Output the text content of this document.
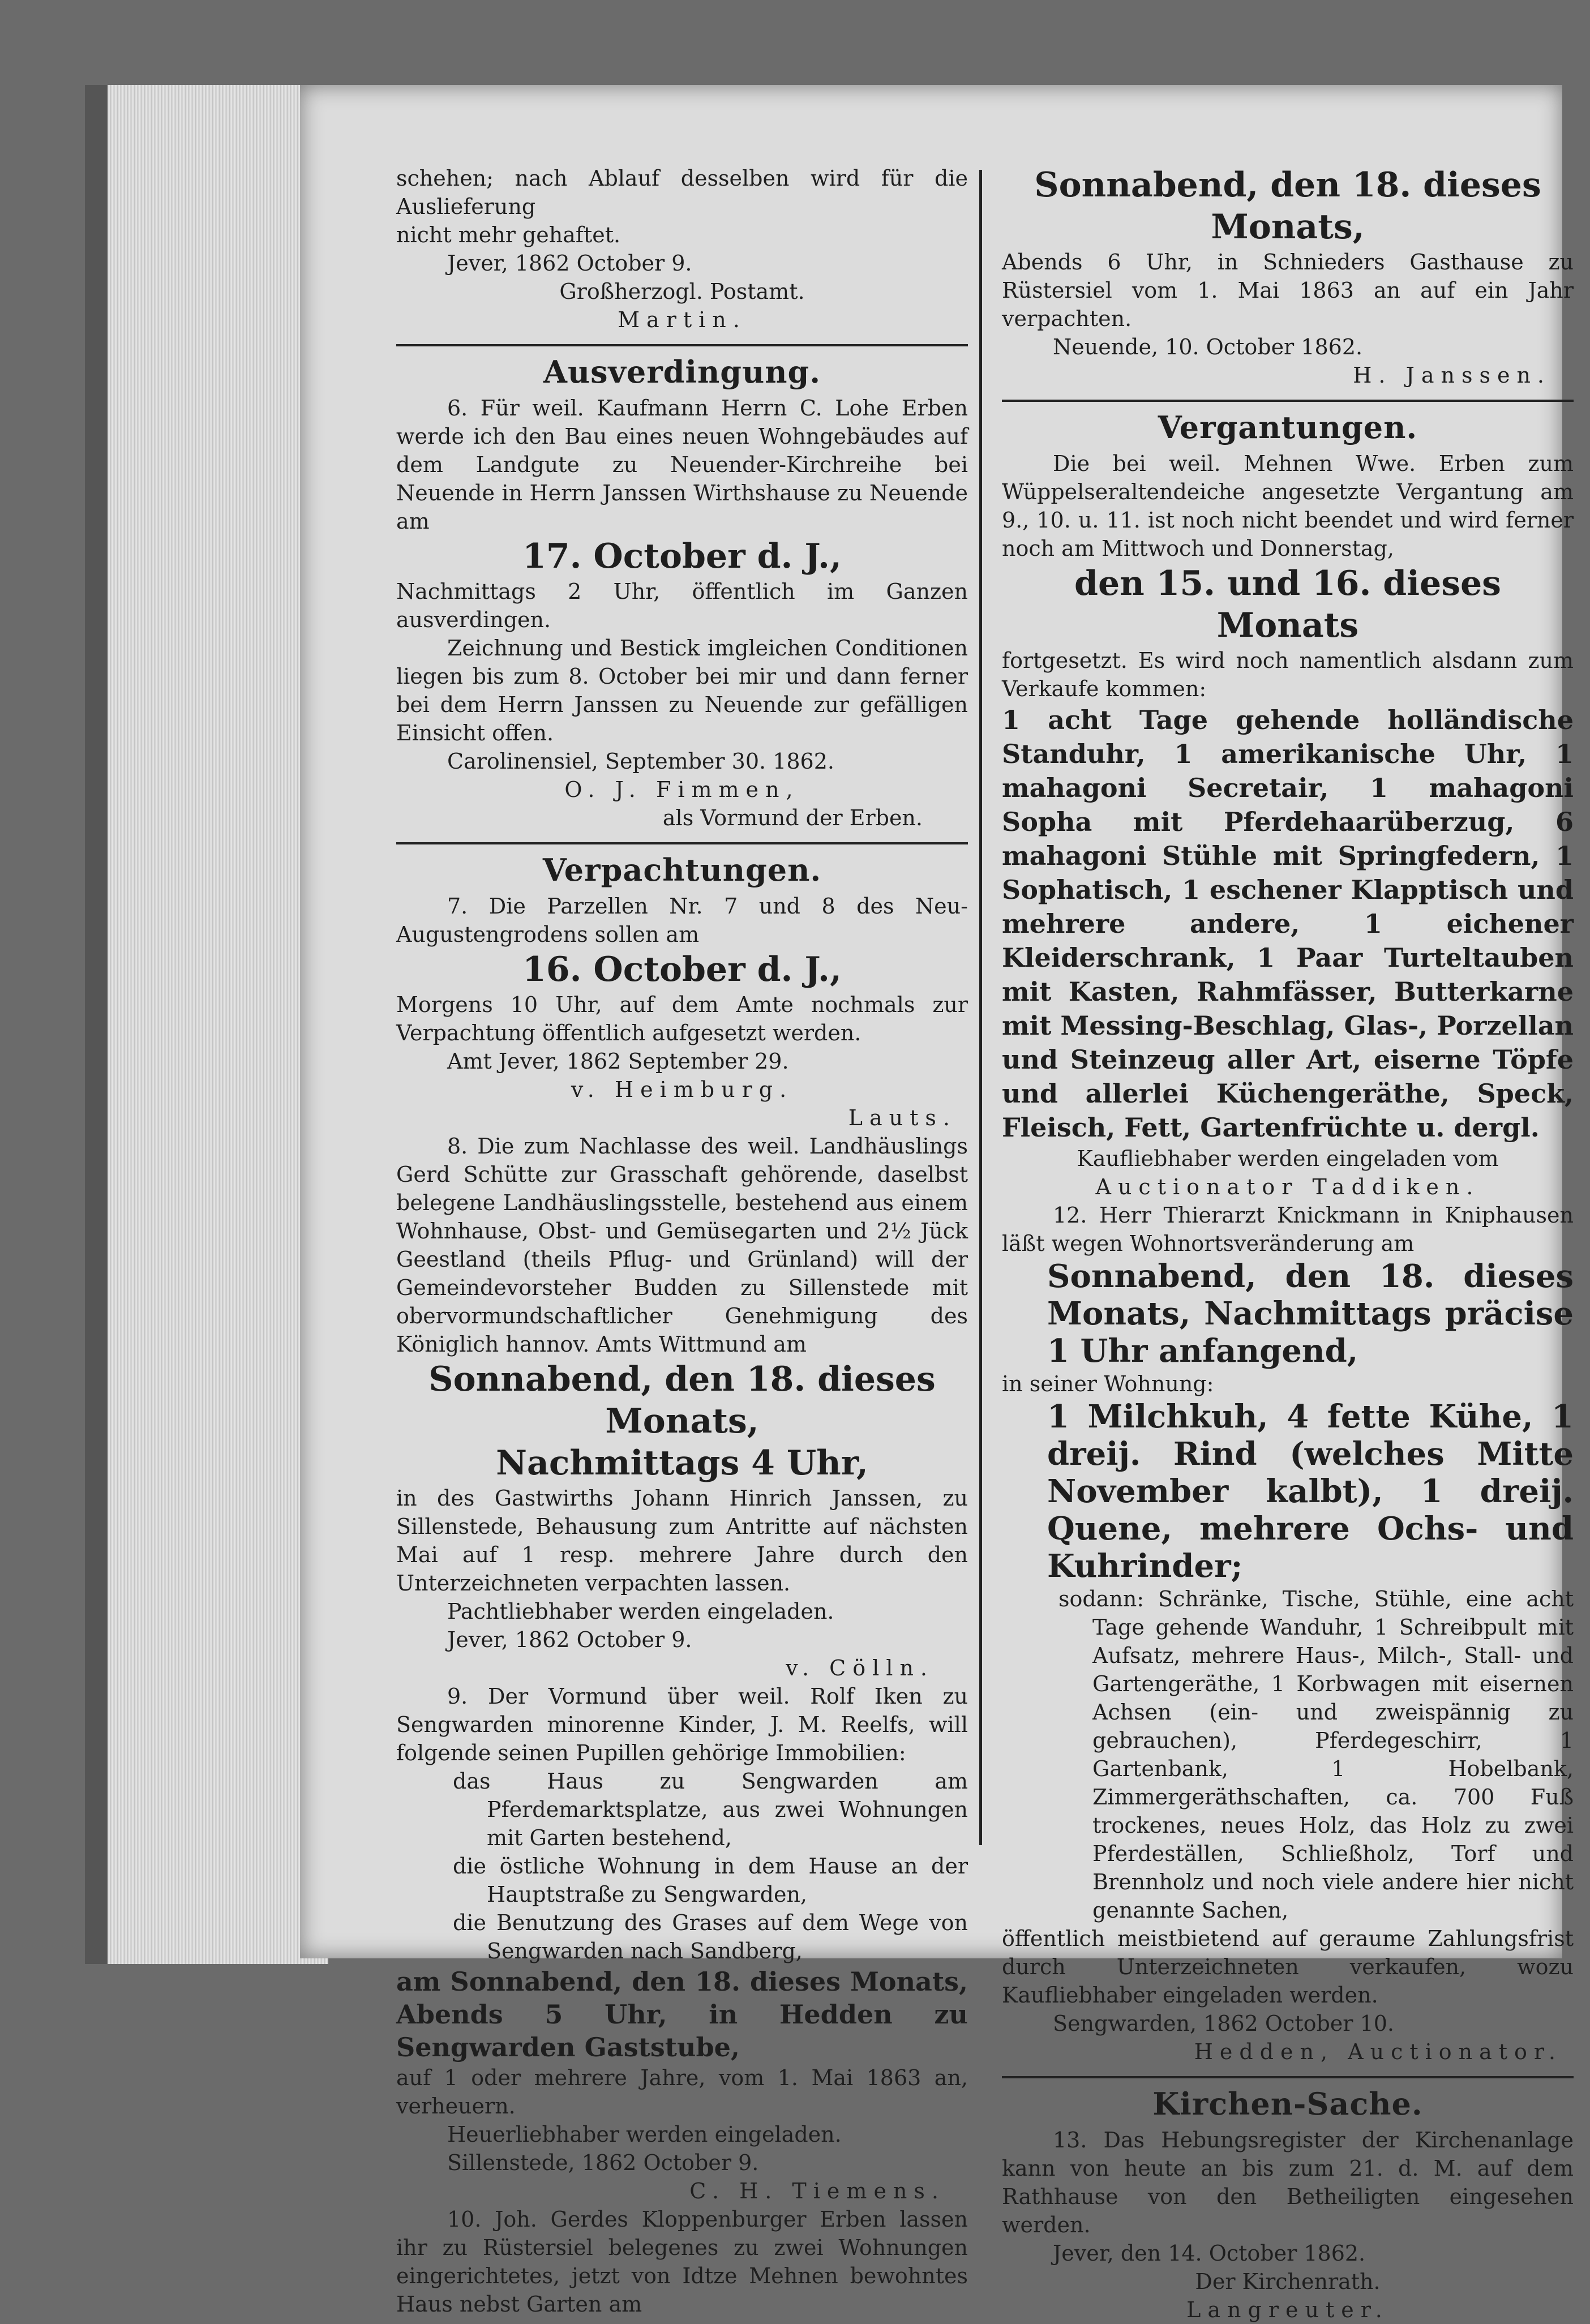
schehen; nach Ablauf desselben wird für die Auslieferung

nicht mehr gehaftet.

Jever, 1862 October 9.

Großherzogl. Postamt.

Martin.

Ausverdingung.

6. Für weil. Kaufmann Herrn C. Lohe Erben werde ich den Bau eines neuen Wohngebäudes auf dem Landgute zu Neuender-Kirchreihe bei Neuende in Herrn Janssen Wirthshause zu Neuende am

17. October d. J.,

Nachmittags 2 Uhr, öffentlich im Ganzen ausverdingen.

Zeichnung und Bestick imgleichen Conditionen liegen bis zum 8. October bei mir und dann ferner bei dem Herrn Janssen zu Neuende zur gefälligen Einsicht offen.

Carolinensiel, September 30. 1862.

O. J. Fimmen,

als Vormund der Erben.

Verpachtungen.

7. Die Parzellen Nr. 7 und 8 des Neu-Augustengrodens sollen am

16. October d. J.,

Morgens 10 Uhr, auf dem Amte nochmals zur Verpachtung öffentlich aufgesetzt werden.

Amt Jever, 1862 September 29.

v. Heimburg.

Lauts.

8. Die zum Nachlasse des weil. Landhäuslings Gerd Schütte zur Grasschaft gehörende, daselbst belegene Landhäuslingsstelle, bestehend aus einem Wohnhause, Obst- und Gemüsegarten und 2½ Jück Geestland (theils Pflug- und Grünland) will der Gemeindevorsteher Budden zu Sillenstede mit obervormundschaftlicher Genehmigung des Königlich hannov. Amts Wittmund am

Sonnabend, den 18. dieses Monats,
Nachmittags 4 Uhr,

in des Gastwirths Johann Hinrich Janssen, zu Sillenstede, Behausung zum Antritte auf nächsten Mai auf 1 resp. mehrere Jahre durch den Unterzeichneten verpachten lassen.

Pachtliebhaber werden eingeladen.

Jever, 1862 October 9.

v. Cölln.

9. Der Vormund über weil. Rolf Iken zu Sengwarden minorenne Kinder, J. M. Reelfs, will folgende seinen Pupillen gehörige Immobilien:

das Haus zu Sengwarden am Pferdemarktsplatze, aus zwei Wohnungen mit Garten bestehend,

die östliche Wohnung in dem Hause an der Hauptstraße zu Sengwarden,

die Benutzung des Grases auf dem Wege von Sengwarden nach Sandberg,

am Sonnabend, den 18. dieses Monats, Abends 5 Uhr, in Hedden zu Sengwarden Gaststube,

auf 1 oder mehrere Jahre, vom 1. Mai 1863 an, verheuern.

Heuerliebhaber werden eingeladen.

Sillenstede, 1862 October 9.

C. H. Tiemens.

10. Joh. Gerdes Kloppenburger Erben lassen ihr zu Rüstersiel belegenes zu zwei Wohnungen eingerichtetes, jetzt von Idtze Mehnen bewohntes Haus nebst Garten am

Sonnabend, den 18. dieses Monats,

Abends 6 Uhr, in Schnieders Gasthause zu Rüstersiel vom 1. Mai 1863 an auf ein Jahr verpachten.

Neuende, 10. October 1862.

H. Janssen.

Vergantungen.

Die bei weil. Mehnen Wwe. Erben zum Wüppelseraltendeiche angesetzte Vergantung am 9., 10. u. 11. ist noch nicht beendet und wird ferner noch am Mittwoch und Donnerstag,

den 15. und 16. dieses Monats

fortgesetzt. Es wird noch namentlich alsdann zum Verkaufe kommen:

1 acht Tage gehende holländische Standuhr, 1 amerikanische Uhr, 1 mahagoni Secretair, 1 mahagoni Sopha mit Pferdehaarüberzug, 6 mahagoni Stühle mit Springfedern, 1 Sophatisch, 1 eschener Klapptisch und mehrere andere, 1 eichener Kleiderschrank, 1 Paar Turteltauben mit Kasten, Rahmfässer, Butterkarne mit Messing-Beschlag, Glas-, Porzellan und Steinzeug aller Art, eiserne Töpfe und allerlei Küchengeräthe, Speck, Fleisch, Fett, Gartenfrüchte u. dergl.

Kaufliebhaber werden eingeladen vom

Auctionator Taddiken.

12. Herr Thierarzt Knickmann in Kniphausen läßt wegen Wohnortsveränderung am

Sonnabend, den 18. dieses Monats, Nachmittags präcise 1 Uhr anfangend,

in seiner Wohnung:

1 Milchkuh, 4 fette Kühe, 1 dreij. Rind (welches Mitte November kalbt), 1 dreij. Quene, mehrere Ochs- und Kuhrinder;

sodann: Schränke, Tische, Stühle, eine acht Tage gehende Wanduhr, 1 Schreibpult mit Aufsatz, mehrere Haus-, Milch-, Stall- und Gartengeräthe, 1 Korbwagen mit eisernen Achsen (ein- und zweispännig zu gebrauchen), Pferdegeschirr, 1 Gartenbank, 1 Hobelbank, Zimmergeräthschaften, ca. 700 Fuß trockenes, neues Holz, das Holz zu zwei Pferdeställen, Schließholz, Torf und Brennholz und noch viele andere hier nicht genannte Sachen,

öffentlich meistbietend auf geraume Zahlungsfrist durch Unterzeichneten verkaufen, wozu Kaufliebhaber eingeladen werden.

Sengwarden, 1862 October 10.

Hedden, Auctionator.

Kirchen-Sache.

13. Das Hebungsregister der Kirchenanlage kann von heute an bis zum 21. d. M. auf dem Rathhause von den Betheiligten eingesehen werden.

Jever, den 14. October 1862.

Der Kirchenrath.

Langreuter.
